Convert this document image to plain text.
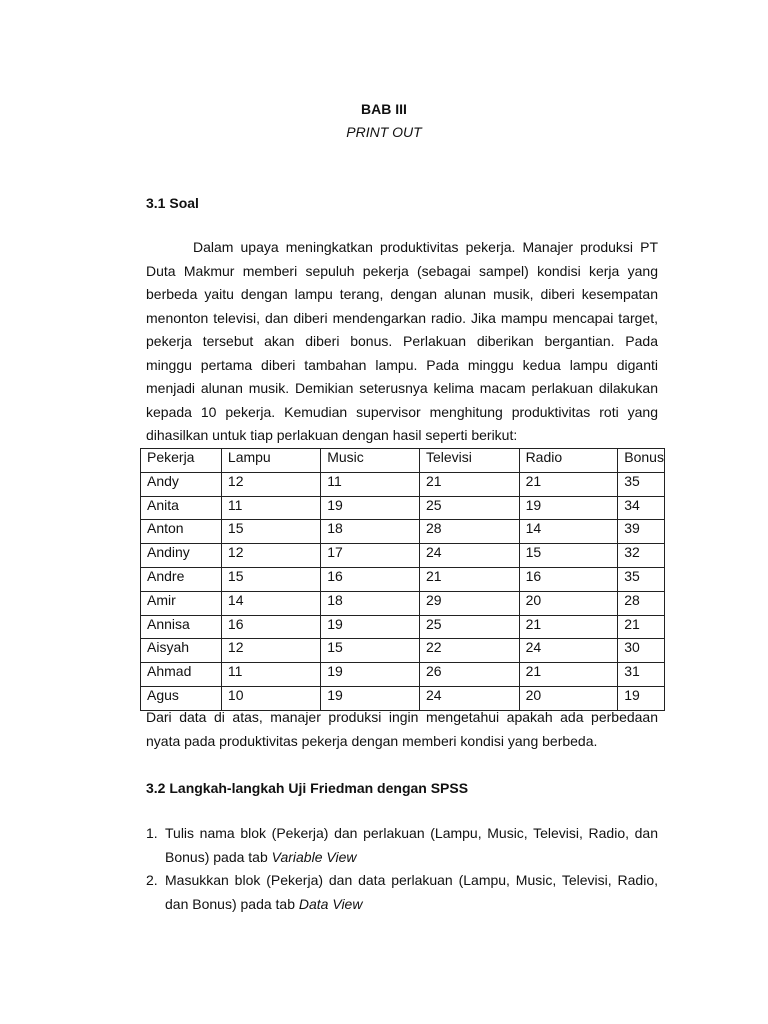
BAB III
PRINT OUT
3.1 Soal
Dalam upaya meningkatkan produktivitas pekerja. Manajer produksi PT
Duta Makmur memberi sepuluh pekerja (sebagai sampel) kondisi kerja yang
berbeda yaitu dengan lampu terang, dengan alunan musik, diberi kesempatan
menonton televisi, dan diberi mendengarkan radio. Jika mampu mencapai target,
pekerja tersebut akan diberi bonus. Perlakuan diberikan bergantian. Pada
minggu pertama diberi tambahan lampu. Pada minggu kedua lampu diganti
menjadi alunan musik. Demikian seterusnya kelima macam perlakuan dilakukan
kepada 10 pekerja. Kemudian supervisor menghitung produktivitas roti yang
dihasilkan untuk tiap perlakuan dengan hasil seperti berikut:
Pekerja	Lampu	Music	Televisi	Radio	Bonus
Andy	12	11	21	21	35
Anita	11	19	25	19	34
Anton	15	18	28	14	39
Andiny	12	17	24	15	32
Andre	15	16	21	16	35
Amir	14	18	29	20	28
Annisa	16	19	25	21	21
Aisyah	12	15	22	24	30
Ahmad	11	19	26	21	31
Agus	10	19	24	20	19
Dari data di atas, manajer produksi ingin mengetahui apakah ada perbedaan
nyata pada produktivitas pekerja dengan memberi kondisi yang berbeda.
3.2 Langkah-langkah Uji Friedman dengan SPSS
1. Tulis nama blok (Pekerja) dan perlakuan (Lampu, Music, Televisi, Radio, dan
Bonus) pada tab Variable View
2. Masukkan blok (Pekerja) dan data perlakuan (Lampu, Music, Televisi, Radio,
dan Bonus) pada tab Data View
